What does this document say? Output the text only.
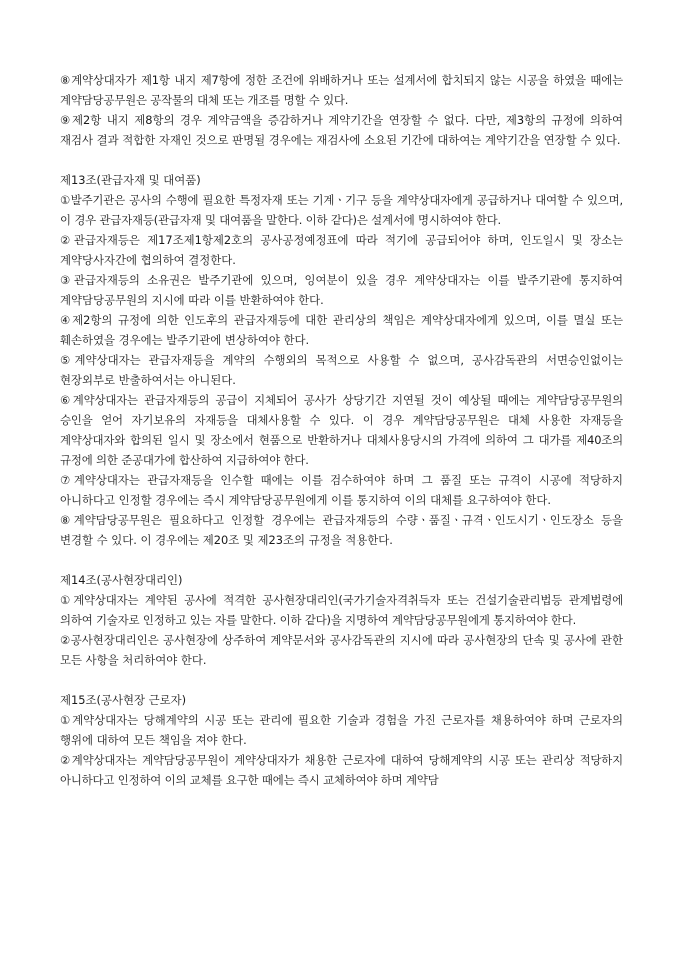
⑧계약상대자가 제1항 내지 제7항에 정한 조건에 위배하거나 또는 설계서에 합치되지 않는 시공을 하였을 때에는 계약담당공무원은 공작물의 대체 또는 개조를 명할 수 있다.

⑨제2항 내지 제8항의 경우 계약금액을 증감하거나 계약기간을 연장할 수 없다. 다만, 제3항의 규정에 의하여 재검사 결과 적합한 자재인 것으로 판명될 경우에는 재검사에 소요된 기간에 대하여는 계약기간을 연장할 수 있다.

제13조(관급자재 및 대여품)

①발주기관은 공사의 수행에 필요한 특정자재 또는 기계ㆍ기구 등을 계약상대자에게 공급하거나 대여할 수 있으며, 이 경우 관급자재등(관급자재 및 대여품을 말한다. 이하 같다)은 설계서에 명시하여야 한다.

②관급자재등은 제17조제1항제2호의 공사공정예정표에 따라 적기에 공급되어야 하며, 인도일시 및 장소는 계약당사자간에 협의하여 결정한다.

③관급자재등의 소유권은 발주기관에 있으며, 잉여분이 있을 경우 계약상대자는 이를 발주기관에 통지하여 계약담당공무원의 지시에 따라 이를 반환하여야 한다.

④제2항의 규정에 의한 인도후의 관급자재등에 대한 관리상의 책임은 계약상대자에게 있으며, 이를 멸실 또는 훼손하였을 경우에는 발주기관에 변상하여야 한다.

⑤계약상대자는 관급자재등을 계약의 수행외의 목적으로 사용할 수 없으며, 공사감독관의 서면승인없이는 현장외부로 반출하여서는 아니된다.

⑥계약상대자는 관급자재등의 공급이 지체되어 공사가 상당기간 지연될 것이 예상될 때에는 계약담당공무원의 승인을 얻어 자기보유의 자재등을 대체사용할 수 있다. 이 경우 계약담당공무원은 대체 사용한 자재등을 계약상대자와 합의된 일시 및 장소에서 현품으로 반환하거나 대체사용당시의 가격에 의하여 그 대가를 제40조의 규정에 의한 준공대가에 합산하여 지급하여야 한다.

⑦계약상대자는 관급자재등을 인수할 때에는 이를 검수하여야 하며 그 품질 또는 규격이 시공에 적당하지 아니하다고 인정할 경우에는 즉시 계약담당공무원에게 이를 통지하여 이의 대체를 요구하여야 한다.

⑧계약담당공무원은 필요하다고 인정할 경우에는 관급자재등의 수량ㆍ품질ㆍ규격ㆍ인도시기ㆍ인도장소 등을 변경할 수 있다. 이 경우에는 제20조 및 제23조의 규정을 적용한다.

제14조(공사현장대리인)

①계약상대자는 계약된 공사에 적격한 공사현장대리인(국가기술자격취득자 또는 건설기술관리법등 관계법령에 의하여 기술자로 인정하고 있는 자를 말한다. 이하 같다)을 지명하여 계약담당공무원에게 통지하여야 한다.

②공사현장대리인은 공사현장에 상주하여 계약문서와 공사감독관의 지시에 따라 공사현장의 단속 및 공사에 관한 모든 사항을 처리하여야 한다.

제15조(공사현장 근로자)

①계약상대자는 당해계약의 시공 또는 관리에 필요한 기술과 경험을 가진 근로자를 채용하여야 하며 근로자의 행위에 대하여 모든 책임을 져야 한다.

②계약상대자는 계약담당공무원이 계약상대자가 채용한 근로자에 대하여 당해계약의 시공 또는 관리상 적당하지 아니하다고 인정하여 이의 교체를 요구한 때에는 즉시 교체하여야 하며 계약담
